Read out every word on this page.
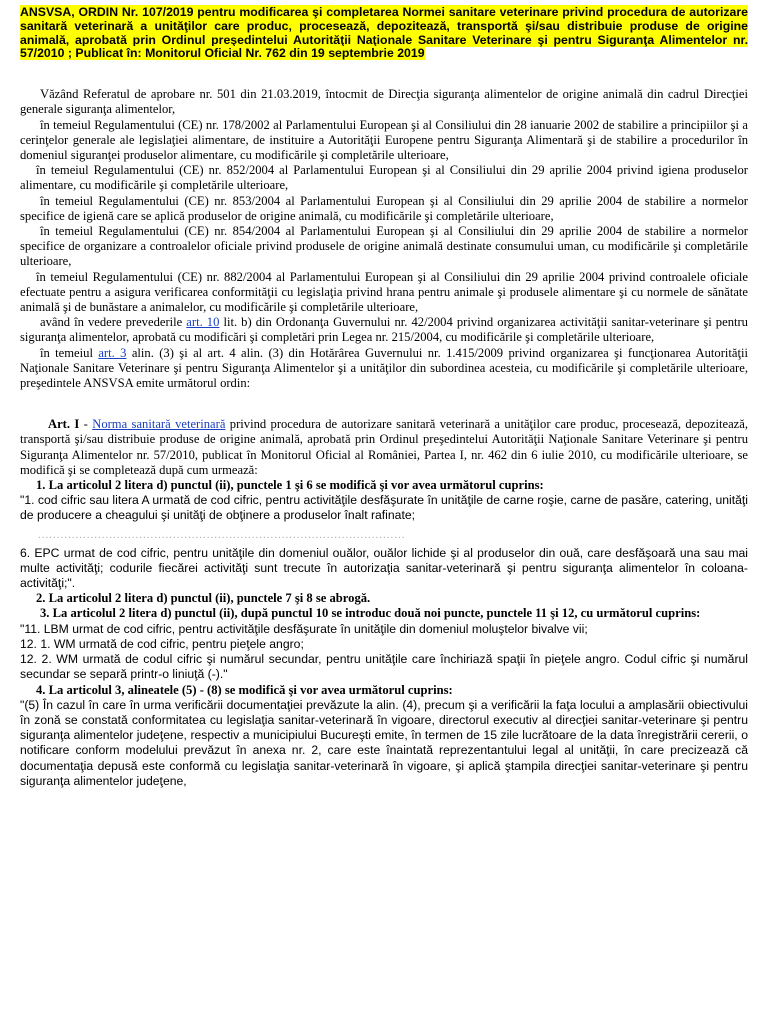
ANSVSA, ORDIN Nr. 107/2019 pentru modificarea şi completarea Normei sanitare veterinare privind procedura de autorizare sanitară veterinară a unităţilor care produc, procesează, depozitează, transportă şi/sau distribuie produse de origine animală, aprobată prin Ordinul preşedintelui Autorităţii Naţionale Sanitare Veterinare şi pentru Siguranţa Alimentelor nr. 57/2010 ; Publicat în: Monitorul Oficial Nr. 762 din 19 septembrie 2019

Văzând Referatul de aprobare nr. 501 din 21.03.2019, întocmit de Direcţia siguranţa alimentelor de origine animală din cadrul Direcţiei generale siguranţa alimentelor,

în temeiul Regulamentului (CE) nr. 178/2002 al Parlamentului European şi al Consiliului din 28 ianuarie 2002 de stabilire a principiilor şi a cerinţelor generale ale legislaţiei alimentare, de instituire a Autorităţii Europene pentru Siguranţa Alimentară şi de stabilire a procedurilor în domeniul siguranţei produselor alimentare, cu modificările şi completările ulterioare,

în temeiul Regulamentului (CE) nr. 852/2004 al Parlamentului European şi al Consiliului din 29 aprilie 2004 privind igiena produselor alimentare, cu modificările şi completările ulterioare,

în temeiul Regulamentului (CE) nr. 853/2004 al Parlamentului European şi al Consiliului din 29 aprilie 2004 de stabilire a normelor specifice de igienă care se aplică produselor de origine animală, cu modificările şi completările ulterioare,

în temeiul Regulamentului (CE) nr. 854/2004 al Parlamentului European şi al Consiliului din 29 aprilie 2004 de stabilire a normelor specifice de organizare a controalelor oficiale privind produsele de origine animală destinate consumului uman, cu modificările şi completările ulterioare,

în temeiul Regulamentului (CE) nr. 882/2004 al Parlamentului European şi al Consiliului din 29 aprilie 2004 privind controalele oficiale efectuate pentru a asigura verificarea conformităţii cu legislaţia privind hrana pentru animale şi produsele alimentare şi cu normele de sănătate animală şi de bunăstare a animalelor, cu modificările şi completările ulterioare,

având în vedere prevederile art. 10 lit. b) din Ordonanţa Guvernului nr. 42/2004 privind organizarea activităţii sanitar-veterinare şi pentru siguranţa alimentelor, aprobată cu modificări şi completări prin Legea nr. 215/2004, cu modificările şi completările ulterioare,

în temeiul art. 3 alin. (3) şi al art. 4 alin. (3) din Hotărârea Guvernului nr. 1.415/2009 privind organizarea şi funcţionarea Autorităţii Naţionale Sanitare Veterinare şi pentru Siguranţa Alimentelor şi a unităţilor din subordinea acesteia, cu modificările şi completările ulterioare, preşedintele ANSVSA emite următorul ordin:

Art. I - Norma sanitară veterinară privind procedura de autorizare sanitară veterinară a unităţilor care produc, procesează, depozitează, transportă şi/sau distribuie produse de origine animală, aprobată prin Ordinul preşedintelui Autorităţii Naţionale Sanitare Veterinare şi pentru Siguranţa Alimentelor nr. 57/2010, publicat în Monitorul Oficial al României, Partea I, nr. 462 din 6 iulie 2010, cu modificările ulterioare, se modifică şi se completează după cum urmează:

1. La articolul 2 litera d) punctul (ii), punctele 1 şi 6 se modifică şi vor avea următorul cuprins:

"1. cod cifric sau litera A urmată de cod cifric, pentru activităţile desfăşurate în unităţile de carne roşie, carne de pasăre, catering, unităţi de producere a cheagului şi unităţi de obţinere a produselor înalt rafinate;

..................................................................................................

6. EPC urmat de cod cifric, pentru unităţile din domeniul ouălor, ouălor lichide şi al produselor din ouă, care desfăşoară una sau mai multe activităţi; codurile fiecărei activităţi sunt trecute în autorizaţia sanitar-veterinară şi pentru siguranţa alimentelor în coloana-activităţi;".

2. La articolul 2 litera d) punctul (ii), punctele 7 şi 8 se abrogă.

3. La articolul 2 litera d) punctul (ii), după punctul 10 se introduc două noi puncte, punctele 11 şi 12, cu următorul cuprins:

"11. LBM urmat de cod cifric, pentru activităţile desfăşurate în unităţile din domeniul moluştelor bivalve vii;

12. 1. WM urmată de cod cifric, pentru pieţele angro;

12. 2. WM urmată de codul cifric şi numărul secundar, pentru unităţile care închiriază spaţii în pieţele angro. Codul cifric şi numărul secundar se separă printr-o liniuţă (-)."

4. La articolul 3, alineatele (5) - (8) se modifică şi vor avea următorul cuprins:

"(5) În cazul în care în urma verificării documentaţiei prevăzute la alin. (4), precum şi a verificării la faţa locului a amplasării obiectivului în zonă se constată conformitatea cu legislaţia sanitar-veterinară în vigoare, directorul executiv al direcţiei sanitar-veterinare şi pentru siguranţa alimentelor judeţene, respectiv a municipiului Bucureşti emite, în termen de 15 zile lucrătoare de la data înregistrării cererii, o notificare conform modelului prevăzut în anexa nr. 2, care este înaintată reprezentantului legal al unităţii, în care precizează că documentaţia depusă este conformă cu legislaţia sanitar-veterinară în vigoare, şi aplică ştampila direcţiei sanitar-veterinare şi pentru siguranţa alimentelor judeţene,
